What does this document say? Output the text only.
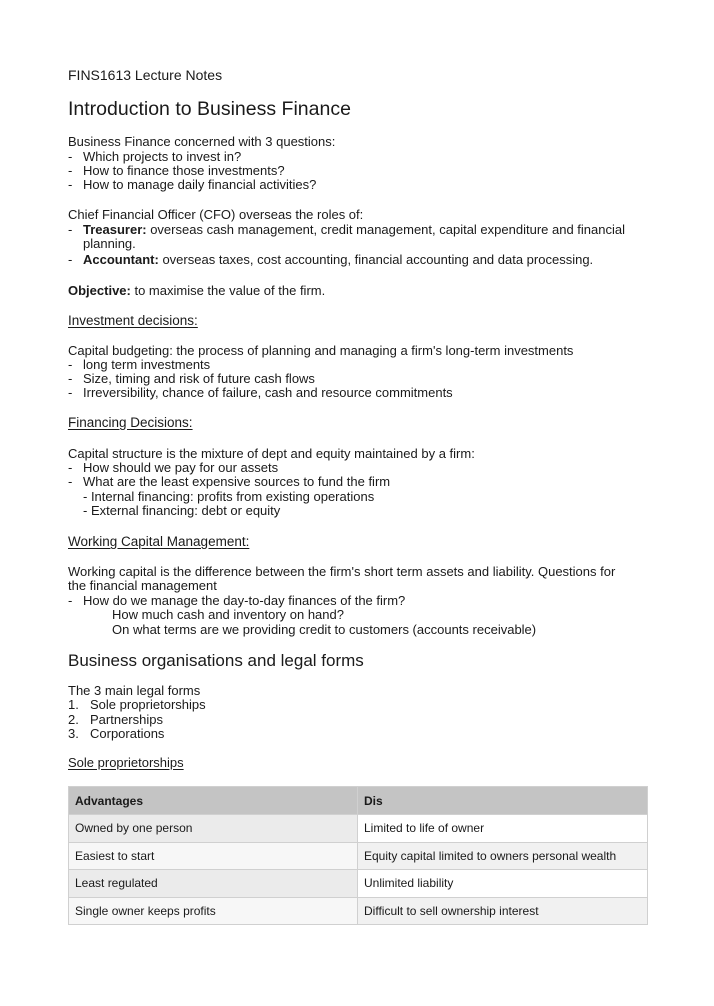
FINS1613 Lecture Notes
Introduction to Business Finance
Business Finance concerned with 3 questions:
- Which projects to invest in?
- How to finance those investments?
- How to manage daily financial activities?
Chief Financial Officer (CFO) overseas the roles of:
- Treasurer: overseas cash management, credit management, capital expenditure and financial
planning.
- Accountant: overseas taxes, cost accounting, financial accounting and data processing.
Objective: to maximise the value of the firm.
Investment decisions:
Capital budgeting: the process of planning and managing a firm's long-term investments
- long term investments
- Size, timing and risk of future cash flows
- Irreversibility, chance of failure, cash and resource commitments
Financing Decisions:
Capital structure is the mixture of dept and equity maintained by a firm:
- How should we pay for our assets
- What are the least expensive sources to fund the firm
- Internal financing: profits from existing operations
- External financing: debt or equity
Working Capital Management:
Working capital is the difference between the firm's short term assets and liability. Questions for
the financial management
- How do we manage the day-to-day finances of the firm?
How much cash and inventory on hand?
On what terms are we providing credit to customers (accounts receivable)
Business organisations and legal forms
The 3 main legal forms
1. Sole proprietorships
2. Partnerships
3. Corporations
Sole proprietorships
Advantages	Dis
Owned by one person	Limited to life of owner
Easiest to start	Equity capital limited to owners personal wealth
Least regulated	Unlimited liability
Single owner keeps profits	Difficult to sell ownership interest
